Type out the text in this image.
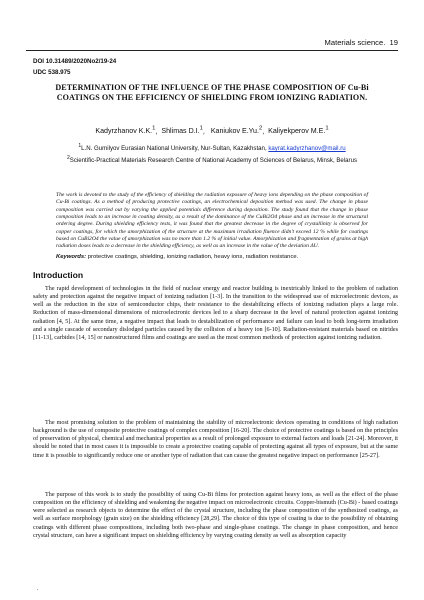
Materials science. 19
DOI 10.31489/2020No2/19-24
UDC 538.975
DETERMINATION OF THE INFLUENCE OF THE PHASE COMPOSITION OF Cu-Bi COATINGS ON THE EFFICIENCY OF SHIELDING FROM IONIZING RADIATION.
Kadyrzhanov K.K.$^1$,  Shlimas D.I.$^1$,   Kaniukov E.Yu.$^2$,  Kaliyekperov M.E.$^1$
$^1$L.N. Gumilyov Eurasian National University, Nur-Sultan, Kazakhstan, kayrat.kadyrzhanov@mail.ru
$^2$Scientific-Practical Materials Research Centre of National Academy of Sciences of Belarus, Minsk, Belarus
The work is devoted to the study of the efficiency of shielding the radiation exposure of heavy ions depending on the phase composition of Cu-Bi coatings. As a method of producing protective coatings, an electrochemical deposition method was used. The change in phase composition was carried out by varying the applied potentials difference during deposition. The study found that the change in phase composition leads to an increase in coating density, as a result of the dominance of the CuBi2O4 phase and an increase in the structural ordering degree. During shielding efficiency tests, it was found that the greatest decrease in the degree of crystallinity is observed for copper coatings, for which the amorphization of the structure at the maximum irradiation fluence didn't exceed 12 % while for coatings based on CuBi2O4 the value of amorphization was no more than 1.2 % of initial value. Amorphization and fragmentation of grains at high radiation doses leads to a decrease in the shielding efficiency, as well as an increase in the value of the deviation ΔU.
Keywords: protective coatings, shielding, ionizing radiation, heavy ions, radiation resistance.
Introduction
The rapid development of technologies in the field of nuclear energy and reactor building is inextricably linked to the problem of radiation safety and protection against the negative impact of ionizing radiation [1-3]. In the transition to the widespread use of microelectronic devices, as well as the reduction in the size of semiconductor chips, their resistance to the destabilizing effects of ionizing radiation plays a large role. Reduction of mass-dimensional dimensions of microelectronic devices led to a sharp decrease in the level of natural protection against ionizing radiation [4, 5]. At the same time, a negative impact that leads to destabilization of performance and failure can lead to both long-term irradiation and a single cascade of secondary dislodged particles caused by the collision of a heavy ion [6-10]. Radiation-resistant materials based on nitrides [11-13], carbides [14, 15] or nanostructured films and coatings are used as the most common methods of protection against ionizing radiation.
The most promising solution to the problem of maintaining the stability of microelectronic devices operating in conditions of high radiation background is the use of composite protective coatings of complex composition [16-20]. The choice of protective coatings is based on the principles of preservation of physical, chemical and mechanical properties as a result of prolonged exposure to external factors and loads [21-24]. Moreover, it should be noted that in most cases it is impossible to create a protective coating capable of protecting against all types of exposure, but at the same time it is possible to significantly reduce one or another type of radiation that can cause the greatest negative impact on performance [25-27].
The purpose of this work is to study the possibility of using Cu-Bi films for protection against heavy ions, as well as the effect of the phase composition on the efficiency of shielding and weakening the negative impact on microelectronic circuits. Copper-bismuth (Cu-Bi) - based coatings were selected as research objects to determine the effect of the crystal structure, including the phase composition of the synthesized coatings, as well as surface morphology (grain size) on the shielding efficiency [28,29]. The choice of this type of coating is due to the possibility of obtaining coatings with different phase compositions, including both two-phase and single-phase coatings. The change in phase composition, and hence crystal structure, can have a significant impact on shielding efficiency by varying coating density as well as absorption capacity
.
